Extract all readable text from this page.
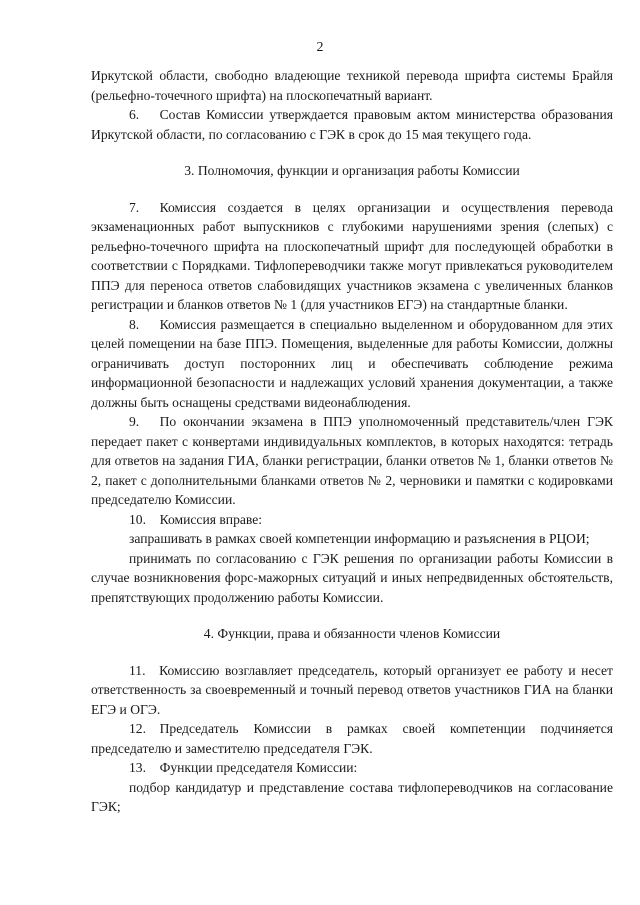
2

Иркутской области, свободно владеющие техникой перевода шрифта системы Брайля (рельефно-точечного шрифта) на плоскопечатный вариант.

6.  Состав Комиссии утверждается правовым актом министерства образования Иркутской области, по согласованию с ГЭК в срок до 15 мая текущего года.

3. Полномочия, функции и организация работы Комиссии

7.  Комиссия создается в целях организации и осуществления перевода экзаменационных работ выпускников с глубокими нарушениями зрения (слепых) с рельефно-точечного шрифта на плоскопечатный шрифт для последующей обработки в соответствии с Порядками. Тифлопереводчики также могут привлекаться руководителем ППЭ для переноса ответов слабовидящих участников экзамена с увеличенных бланков регистрации и бланков ответов № 1 (для участников ЕГЭ) на стандартные бланки.

8.  Комиссия размещается в специально выделенном и оборудованном для этих целей помещении на базе ППЭ. Помещения, выделенные для работы Комиссии, должны ограничивать доступ посторонних лиц и обеспечивать соблюдение режима информационной безопасности и надлежащих условий хранения документации, а также должны быть оснащены средствами видеонаблюдения.

9.  По окончании экзамена в ППЭ уполномоченный представитель/член ГЭК передает пакет с конвертами индивидуальных комплектов, в которых находятся: тетрадь для ответов на задания ГИА, бланки регистрации, бланки ответов № 1, бланки ответов № 2, пакет с дополнительными бланками ответов № 2, черновики и памятки с кодировками председателю Комиссии.

10. Комиссия вправе:

запрашивать в рамках своей компетенции информацию и разъяснения в РЦОИ;

принимать по согласованию с ГЭК решения по организации работы Комиссии в случае возникновения форс-мажорных ситуаций и иных непредвиденных обстоятельств, препятствующих продолжению работы Комиссии.

4. Функции, права и обязанности членов Комиссии

11. Комиссию возглавляет председатель, который организует ее работу и несет ответственность за своевременный и точный перевод ответов участников ГИА на бланки ЕГЭ и ОГЭ.

12. Председатель Комиссии в рамках своей компетенции подчиняется председателю и заместителю председателя ГЭК.

13. Функции председателя Комиссии:

подбор кандидатур и представление состава тифлопереводчиков на согласование ГЭК;
